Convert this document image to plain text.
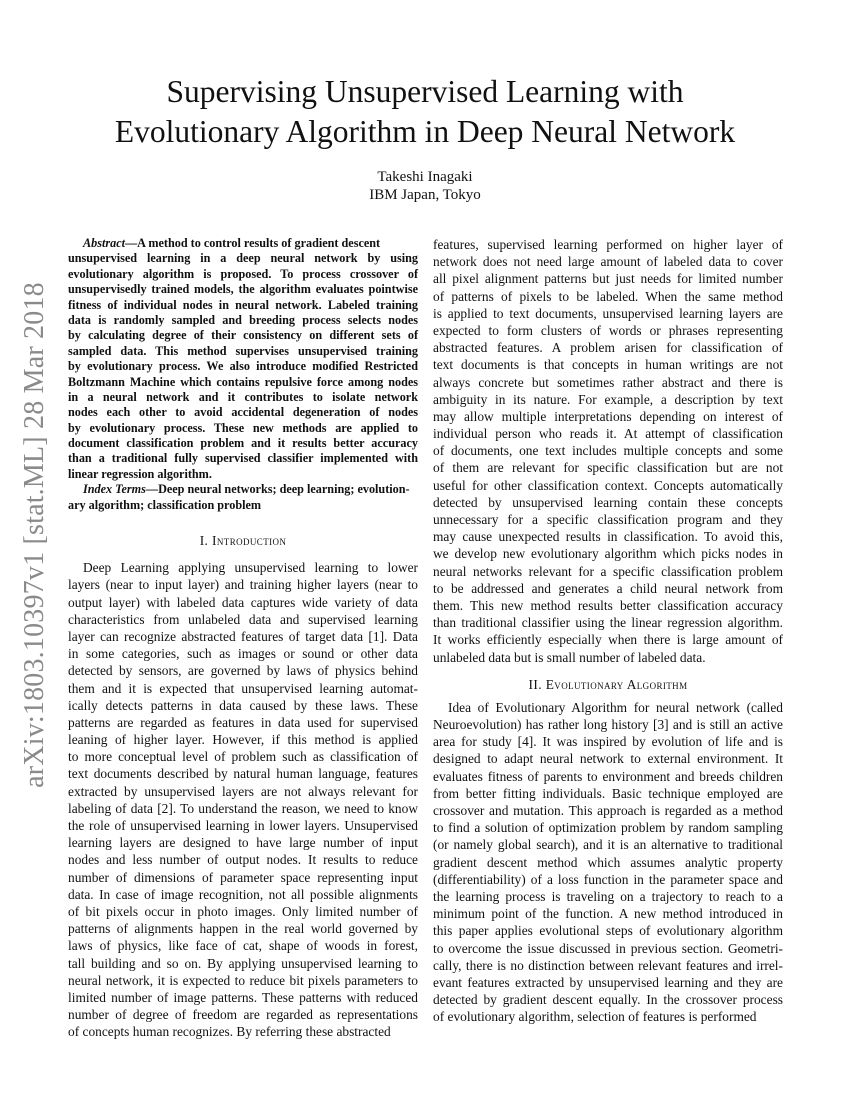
arXiv:1803.10397v1 [stat.ML] 28 Mar 2018
Supervising Unsupervised Learning with
Evolutionary Algorithm in Deep Neural Network

Takeshi Inagaki

IBM Japan, Tokyo

Abstract—A method to control results of gradient descent
unsupervised learning in a deep neural network by using
evolutionary algorithm is proposed. To process crossover of
unsupervisedly trained models, the algorithm evaluates pointwise
fitness of individual nodes in neural network. Labeled training
data is randomly sampled and breeding process selects nodes
by calculating degree of their consistency on different sets of
sampled data. This method supervises unsupervised training
by evolutionary process. We also introduce modified Restricted
Boltzmann Machine which contains repulsive force among nodes
in a neural network and it contributes to isolate network
nodes each other to avoid accidental degeneration of nodes
by evolutionary process. These new methods are applied to
document classification problem and it results better accuracy
than a traditional fully supervised classifier implemented with
linear regression algorithm.
Index Terms—Deep neural networks; deep learning; evolution-
ary algorithm; classification problem
I. Introduction
Deep Learning applying unsupervised learning to lower
layers (near to input layer) and training higher layers (near to
output layer) with labeled data captures wide variety of data
characteristics from unlabeled data and supervised learning
layer can recognize abstracted features of target data [1]. Data
in some categories, such as images or sound or other data
detected by sensors, are governed by laws of physics behind
them and it is expected that unsupervised learning automat-
ically detects patterns in data caused by these laws. These
patterns are regarded as features in data used for supervised
leaning of higher layer. However, if this method is applied
to more conceptual level of problem such as classification of
text documents described by natural human language, features
extracted by unsupervised layers are not always relevant for
labeling of data [2]. To understand the reason, we need to know
the role of unsupervised learning in lower layers. Unsupervised
learning layers are designed to have large number of input
nodes and less number of output nodes. It results to reduce
number of dimensions of parameter space representing input
data. In case of image recognition, not all possible alignments
of bit pixels occur in photo images. Only limited number of
patterns of alignments happen in the real world governed by
laws of physics, like face of cat, shape of woods in forest,
tall building and so on. By applying unsupervised learning to
neural network, it is expected to reduce bit pixels parameters to
limited number of image patterns. These patterns with reduced
number of degree of freedom are regarded as representations
of concepts human recognizes. By referring these abstracted
features, supervised learning performed on higher layer of
network does not need large amount of labeled data to cover
all pixel alignment patterns but just needs for limited number
of patterns of pixels to be labeled. When the same method
is applied to text documents, unsupervised learning layers are
expected to form clusters of words or phrases representing
abstracted features. A problem arisen for classification of
text documents is that concepts in human writings are not
always concrete but sometimes rather abstract and there is
ambiguity in its nature. For example, a description by text
may allow multiple interpretations depending on interest of
individual person who reads it. At attempt of classification
of documents, one text includes multiple concepts and some
of them are relevant for specific classification but are not
useful for other classification context. Concepts automatically
detected by unsupervised learning contain these concepts
unnecessary for a specific classification program and they
may cause unexpected results in classification. To avoid this,
we develop new evolutionary algorithm which picks nodes in
neural networks relevant for a specific classification problem
to be addressed and generates a child neural network from
them. This new method results better classification accuracy
than traditional classifier using the linear regression algorithm.
It works efficiently especially when there is large amount of
unlabeled data but is small number of labeled data.
II. Evolutionary Algorithm
Idea of Evolutionary Algorithm for neural network (called
Neuroevolution) has rather long history [3] and is still an active
area for study [4]. It was inspired by evolution of life and is
designed to adapt neural network to external environment. It
evaluates fitness of parents to environment and breeds children
from better fitting individuals. Basic technique employed are
crossover and mutation. This approach is regarded as a method
to find a solution of optimization problem by random sampling
(or namely global search), and it is an alternative to traditional
gradient descent method which assumes analytic property
(differentiability) of a loss function in the parameter space and
the learning process is traveling on a trajectory to reach to a
minimum point of the function. A new method introduced in
this paper applies evolutional steps of evolutionary algorithm
to overcome the issue discussed in previous section. Geometri-
cally, there is no distinction between relevant features and irrel-
evant features extracted by unsupervised learning and they are
detected by gradient descent equally. In the crossover process
of evolutionary algorithm, selection of features is performed
